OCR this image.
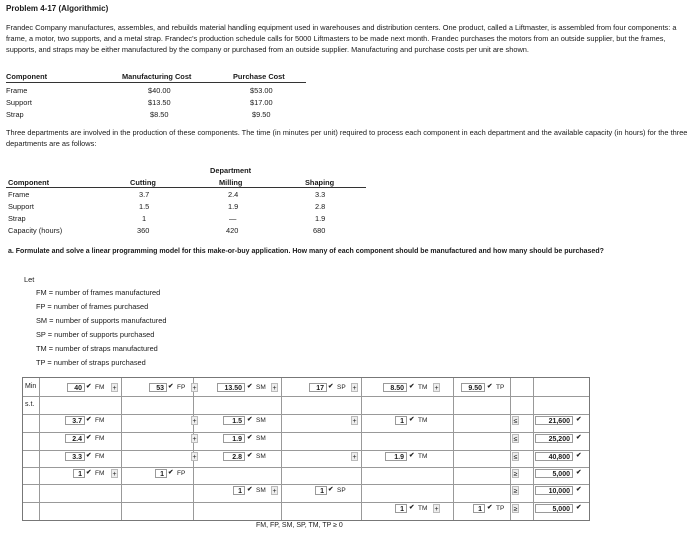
Problem 4-17 (Algorithmic)
Frandec Company manufactures, assembles, and rebuilds material handling equipment used in warehouses and distribution centers. One product, called a Liftmaster, is assembled from four components: a frame, a motor, two supports, and a metal strap. Frandec's production schedule calls for 5000 Liftmasters to be made next month. Frandec purchases the motors from an outside supplier, but the frames, supports, and straps may be either manufactured by the company or purchased from an outside supplier. Manufacturing and purchase costs per unit are shown.
Component	Manufacturing Cost	Purchase Cost
Frame	$40.00	$53.00
Support	$13.50	$17.00
Strap	$8.50	$9.50
Three departments are involved in the production of these components. The time (in minutes per unit) required to process each component in each department and the available capacity (in hours) for the three departments are as follows:
Department
Component	Cutting	Milling	Shaping
Frame	3.7	2.4	3.3
Support	1.5	1.9	2.8
Strap	1	—	1.9
Capacity (hours)	360	420	680
a. Formulate and solve a linear programming model for this make-or-buy application. How many of each component should be manufactured and how many should be purchased?
Let
FM = number of frames manufactured
FP = number of frames purchased
SM = number of supports manufactured
SP = number of supports purchased
TM = number of straps manufactured
TP = number of straps purchased
Min
s.t.
40 ✔ FM +	53 ✔ FP +	13.50 ✔ SM +	17 ✔ SP +	8.50 ✔ TM +	9.50 ✔ TP
3.7 ✔ FM	+	1.5 ✔ SM	+	1 ✔ TM	≤	21,600 ✔
2.4 ✔ FM	+	1.9 ✔ SM	≤	25,200 ✔
3.3 ✔ FM	+	2.8 ✔ SM	+	1.9 ✔ TM	≤	40,800 ✔
1 ✔ FM +	1 ✔ FP	≥	5,000 ✔
1 ✔ SM +	1 ✔ SP	≥	10,000 ✔
1 ✔ TM +	1 ✔ TP ≥	5,000 ✔
FM, FP, SM, SP, TM, TP ≥ 0
